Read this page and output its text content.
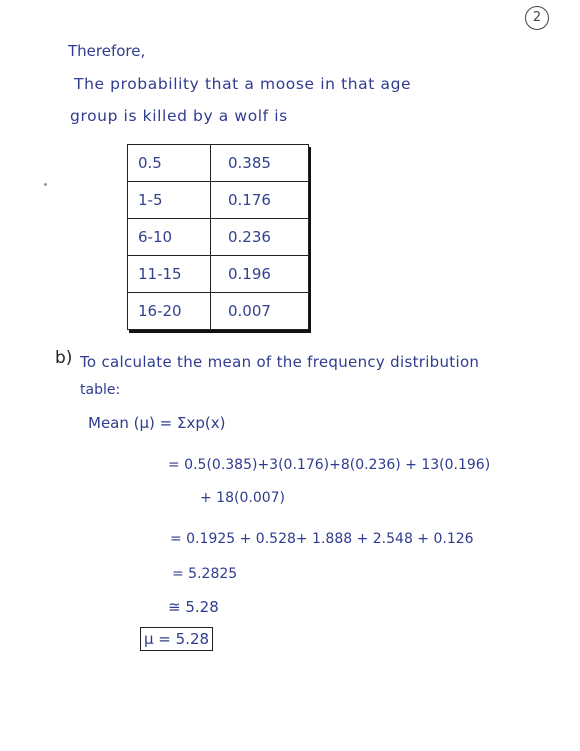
2
Therefore,
The probability that a moose in that age
group is killed by a wolf is
0.5	0.385
1-5	0.176
6-10	0.236
11-15	0.196
16-20	0.007
b) To calculate the mean of the frequency distribution
table:
Mean (μ) = Σxp(x)
= 0.5(0.385)+3(0.176)+8(0.236) + 13(0.196)
+ 18(0.007)
= 0.1925 + 0.528+ 1.888 + 2.548 + 0.126
= 5.2825
≅ 5.28
μ = 5.28
